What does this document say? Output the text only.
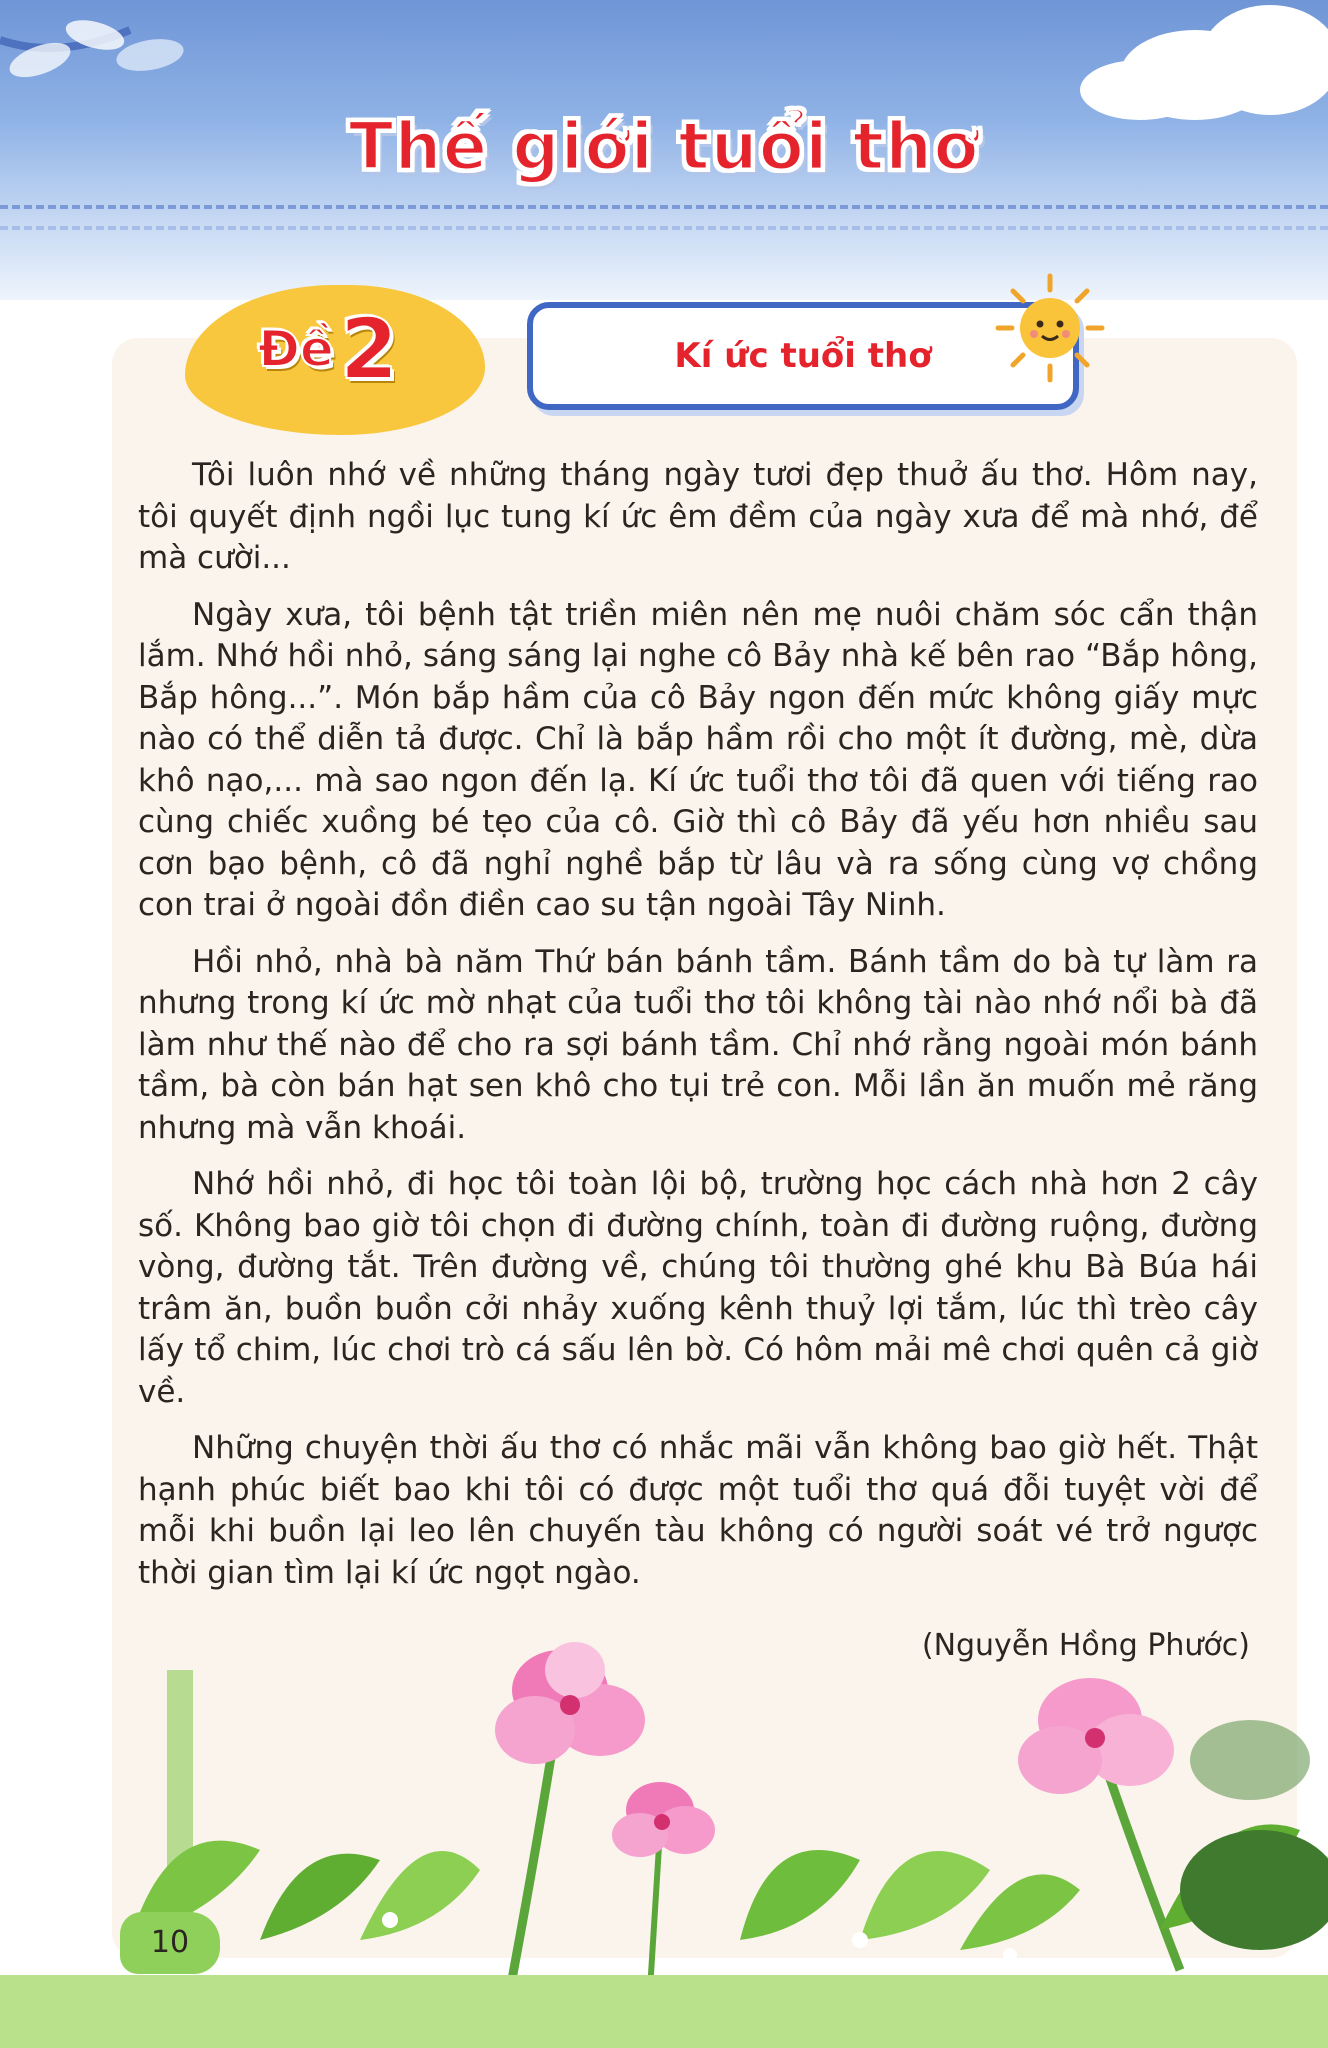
Thế giới tuổi thơ
Đề2	Kí ức tuổi thơ

Tôi luôn nhớ về những tháng ngày tươi đẹp thuở ấu thơ. Hôm nay, tôi quyết định ngồi lục tung kí ức êm đềm của ngày xưa để mà nhớ, để mà cười...

Ngày xưa, tôi bệnh tật triền miên nên mẹ nuôi chăm sóc cẩn thận lắm. Nhớ hồi nhỏ, sáng sáng lại nghe cô Bảy nhà kế bên rao “Bắp hông, Bắp hông...”. Món bắp hầm của cô Bảy ngon đến mức không giấy mực nào có thể diễn tả được. Chỉ là bắp hầm rồi cho một ít đường, mè, dừa khô nạo,... mà sao ngon đến lạ. Kí ức tuổi thơ tôi đã quen với tiếng rao cùng chiếc xuồng bé tẹo của cô. Giờ thì cô Bảy đã yếu hơn nhiều sau cơn bạo bệnh, cô đã nghỉ nghề bắp từ lâu và ra sống cùng vợ chồng con trai ở ngoài đồn điền cao su tận ngoài Tây Ninh.

Hồi nhỏ, nhà bà năm Thứ bán bánh tầm. Bánh tầm do bà tự làm ra nhưng trong kí ức mờ nhạt của tuổi thơ tôi không tài nào nhớ nổi bà đã làm như thế nào để cho ra sợi bánh tầm. Chỉ nhớ rằng ngoài món bánh tầm, bà còn bán hạt sen khô cho tụi trẻ con. Mỗi lần ăn muốn mẻ răng nhưng mà vẫn khoái.

Nhớ hồi nhỏ, đi học tôi toàn lội bộ, trường học cách nhà hơn 2 cây số. Không bao giờ tôi chọn đi đường chính, toàn đi đường ruộng, đường vòng, đường tắt. Trên đường về, chúng tôi thường ghé khu Bà Búa hái trâm ăn, buồn buồn cởi nhảy xuống kênh thuỷ lợi tắm, lúc thì trèo cây lấy tổ chim, lúc chơi trò cá sấu lên bờ. Có hôm mải mê chơi quên cả giờ về.

Những chuyện thời ấu thơ có nhắc mãi vẫn không bao giờ hết. Thật hạnh phúc biết bao khi tôi có được một tuổi thơ quá đỗi tuyệt vời để mỗi khi buồn lại leo lên chuyến tàu không có người soát vé trở ngược thời gian tìm lại kí ức ngọt ngào.

(Nguyễn Hồng Phước)
10
